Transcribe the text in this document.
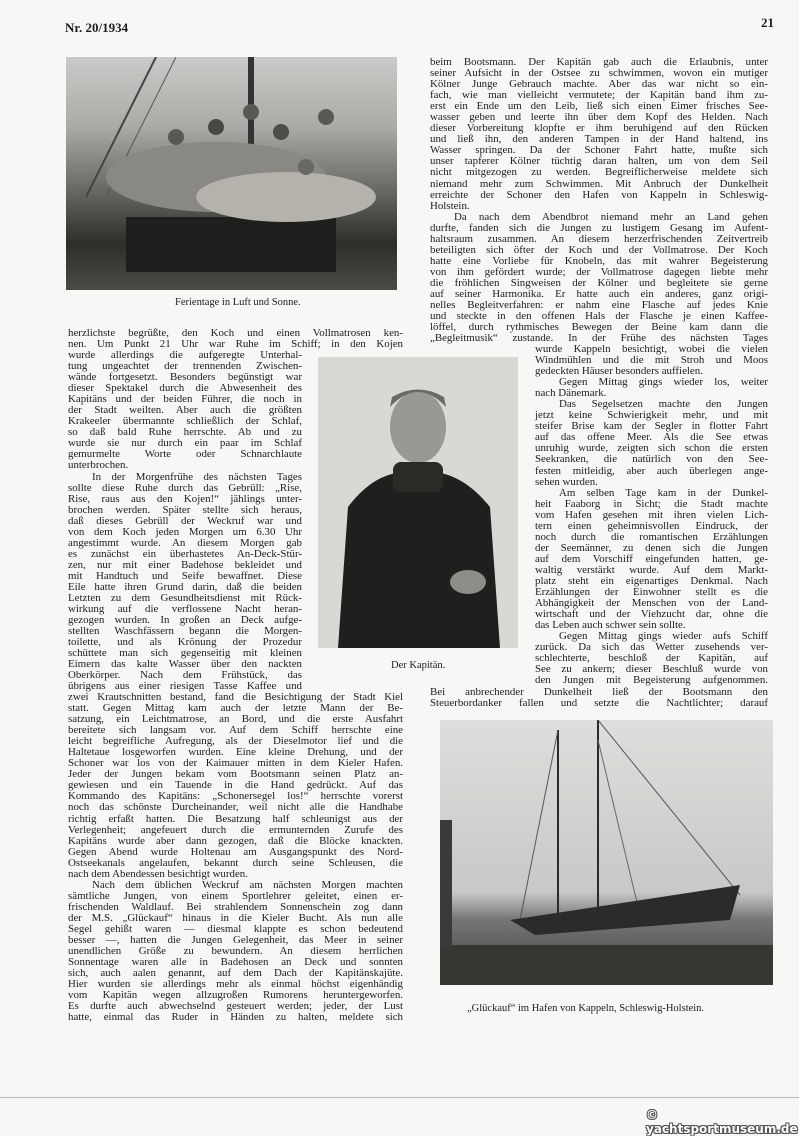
Nr. 20/1934	21
Ferientage in Luft und Sonne.
Der Kapitän.
„Glückauf“ im Hafen von Kappeln, Schleswig-Holstein.
herzlichste begrüßte, den Koch und einen Vollmatrosen ken-
nen. Um Punkt 21 Uhr war Ruhe im Schiff; in den Kojen
wurde allerdings die aufgeregte Unterhal-
tung ungeachtet der trennenden Zwischen-
wände fortgesetzt. Besonders begünstigt war
dieser Spektakel durch die Abwesenheit des
Kapitäns und der beiden Führer, die noch in
der Stadt weilten. Aber auch die größten
Krakeeler übermannte schließlich der Schlaf,
so daß bald Ruhe herrschte. Ab und zu
wurde sie nur durch ein paar im Schlaf
gemurmelte Worte oder Schnarchlaute
unterbrochen.
In der Morgenfrühe des nächsten Tages
sollte diese Ruhe durch das Gebrüll: „Rise,
Rise, raus aus den Kojen!“ jählings unter-
brochen werden. Später stellte sich heraus,
daß dieses Gebrüll der Weckruf war und
von dem Koch jeden Morgen um 6.30 Uhr
angestimmt wurde. An diesem Morgen gab
es zunächst ein überhastetes An-Deck-Stür-
zen, nur mit einer Badehose bekleidet und
mit Handtuch und Seife bewaffnet. Diese
Eile hatte ihren Grund darin, daß die beiden
Letzten zu dem Gesundheitsdienst mit Rück-
wirkung auf die verflossene Nacht heran-
gezogen wurden. In großen an Deck aufge-
stellten Waschfässern begann die Morgen-
toilette, und als Krönung der Prozedur
schüttete man sich gegenseitig mit kleinen
Eimern das kalte Wasser über den nackten
Oberkörper. Nach dem Frühstück, das
übrigens aus einer riesigen Tasse Kaffee und
zwei Krautschnitten bestand, fand die Besichtigung der Stadt Kiel
statt. Gegen Mittag kam auch der letzte Mann der Be-
satzung, ein Leichtmatrose, an Bord, und die erste Ausfahrt
bereitete sich langsam vor. Auf dem Schiff herrschte eine
leicht begreifliche Aufregung, als der Dieselmotor lief und die
Haltetaue losgeworfen wurden. Eine kleine Drehung, und der
Schoner war los von der Kaimauer mitten in dem Kieler Hafen.
Jeder der Jungen bekam vom Bootsmann seinen Platz an-
gewiesen und ein Tauende in die Hand gedrückt. Auf das
Kommando des Kapitäns: „Schonersegel los!“ herrschte vorerst
noch das schönste Durcheinander, weil nicht alle die Handhabe
richtig erfaßt hatten. Die Besatzung half schleunigst aus der
Verlegenheit; angefeuert durch die ermunternden Zurufe des
Kapitäns wurde aber dann gezogen, daß die Blöcke knackten.
Gegen Abend wurde Holtenau am Ausgangspunkt des Nord-
Ostseekanals angelaufen, bekannt durch seine Schleusen, die
nach dem Abendessen besichtigt wurden.
Nach dem üblichen Weckruf am nächsten Morgen machten
sämtliche Jungen, von einem Sportlehrer geleitet, einen er-
frischenden Waldlauf. Bei strahlendem Sonnenschein zog dann
der M.S. „Glückauf“ hinaus in die Kieler Bucht. Als nun alle
Segel gehißt waren — diesmal klappte es schon bedeutend
besser —, hatten die Jungen Gelegenheit, das Meer in seiner
unendlichen Größe zu bewundern. An diesem herrlichen
Sonnentage waren alle in Badehosen an Deck und sonnten
sich, auch aalen genannt, auf dem Dach der Kapitänskajüte.
Hier wurden sie allerdings mehr als einmal höchst eigenhändig
vom Kapitän wegen allzugroßen Rumorens heruntergeworfen.
Es durfte auch abwechselnd gesteuert werden; jeder, der Lust
hatte, einmal das Ruder in Händen zu halten, meldete sich
beim Bootsmann. Der Kapitän gab auch die Erlaubnis, unter
seiner Aufsicht in der Ostsee zu schwimmen, wovon ein mutiger
Kölner Junge Gebrauch machte. Aber das war nicht so ein-
fach, wie man vielleicht vermutete; der Kapitän band ihm zu-
erst ein Ende um den Leib, ließ sich einen Eimer frisches See-
wasser geben und leerte ihn über dem Kopf des Helden. Nach
dieser Vorbereitung klopfte er ihm beruhigend auf den Rücken
und ließ ihn, den anderen Tampen in der Hand haltend, ins
Wasser springen. Da der Schoner Fahrt hatte, mußte sich
unser tapferer Kölner tüchtig daran halten, um von dem Seil
nicht mitgezogen zu werden. Begreiflicherweise meldete sich
niemand mehr zum Schwimmen. Mit Anbruch der Dunkelheit
erreichte der Schoner den Hafen von Kappeln in Schleswig-
Holstein.
Da nach dem Abendbrot niemand mehr an Land gehen
durfte, fanden sich die Jungen zu lustigem Gesang im Aufent-
haltsraum zusammen. An diesem herzerfrischenden Zeitvertreib
beteiligten sich öfter der Koch und der Vollmatrose. Der Koch
hatte eine Vorliebe für Knobeln, das mit wahrer Begeisterung
von ihm gefördert wurde; der Vollmatrose dagegen liebte mehr
die fröhlichen Singweisen der Kölner und begleitete sie gerne
auf seiner Harmonika. Er hatte auch ein anderes, ganz origi-
nelles Begleitverfahren: er nahm eine Flasche auf jedes Knie
und steckte in den offenen Hals der Flasche je einen Kaffee-
löffel, durch rythmisches Bewegen der Beine kam dann die
„Begleitmusik“ zustande. In der Frühe des nächsten Tages
wurde Kappeln besichtigt, wobei die vielen
Windmühlen und die mit Stroh und Moos
gedeckten Häuser besonders auffielen.
Gegen Mittag gings wieder los, weiter
nach Dänemark.
Das Segelsetzen machte den Jungen
jetzt keine Schwierigkeit mehr, und mit
steifer Brise kam der Segler in flotter Fahrt
auf das offene Meer. Als die See etwas
unruhig wurde, zeigten sich schon die ersten
Seekranken, die natürlich von den See-
festen mitleidig, aber auch überlegen ange-
sehen wurden.
Am selben Tage kam in der Dunkel-
heit Faaborg in Sicht; die Stadt machte
vom Hafen gesehen mit ihren vielen Lich-
tern einen geheimnisvollen Eindruck, der
noch durch die romantischen Erzählungen
der Seemänner, zu denen sich die Jungen
auf dem Vorschiff eingefunden hatten, ge-
waltig verstärkt wurde. Auf dem Markt-
platz steht ein eigenartiges Denkmal. Nach
Erzählungen der Einwohner stellt es die
Abhängigkeit der Menschen von der Land-
wirtschaft und der Viehzucht dar, ohne die
das Leben auch schwer sein sollte.
Gegen Mittag gings wieder aufs Schiff
zurück. Da sich das Wetter zusehends ver-
schlechterte, beschloß der Kapitän, auf
See zu ankern; dieser Beschluß wurde von
den Jungen mit Begeisterung aufgenommen.
Bei anbrechender Dunkelheit ließ der Bootsmann den
Steuerbordanker fallen und setzte die Nachtlichter; darauf
© yachtsportmuseum.de
